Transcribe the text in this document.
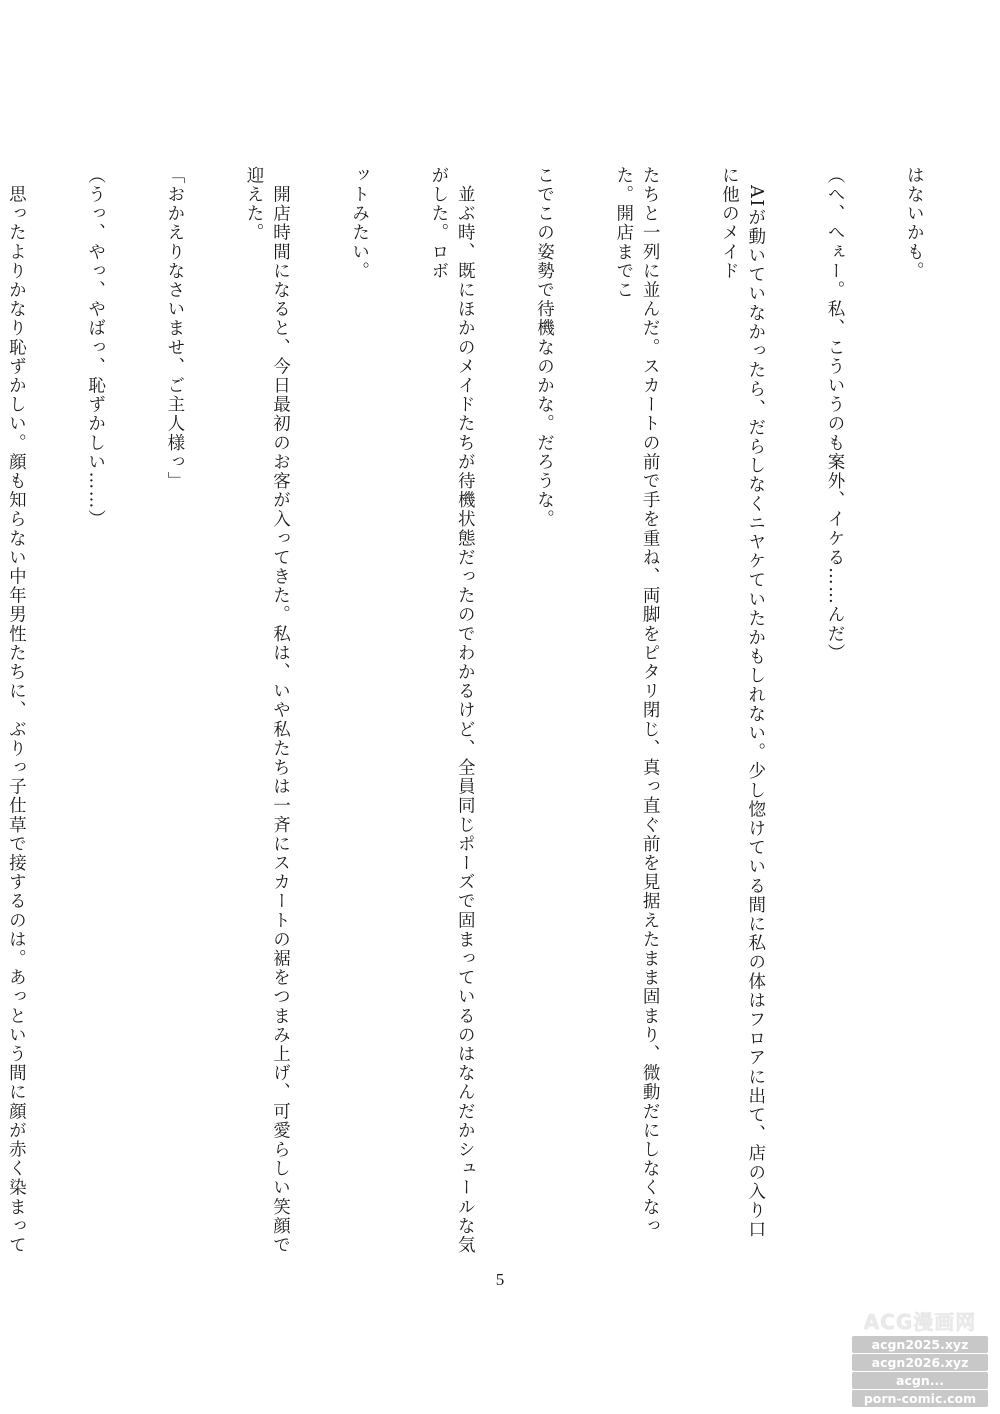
はないかも。

（へ、へぇー。私、こういうのも案外、イケる……んだ）

　AIが動いていなかったら、だらしなくニヤケていたかもしれない。少し惚けている間に私の体はフロアに出て、店の入り口に他のメイド

たちと一列に並んだ。スカートの前で手を重ね、両脚をピタリ閉じ、真っ直ぐ前を見据えたまま固まり、微動だにしなくなった。開店までこ

こでこの姿勢で待機なのかな。だろうな。

　並ぶ時、既にほかのメイドたちが待機状態だったのでわかるけど、全員同じポーズで固まっているのはなんだかシュールな気がした。ロボ

ットみたい。

　開店時間になると、今日最初のお客が入ってきた。私は、いや私たちは一斉にスカートの裾をつまみ上げ、可愛らしい笑顔で迎えた。

「おかえりなさいませ、ご主人様っ」

（うっ、やっ、やばっ、恥ずかしい……）

　思ったよりかなり恥ずかしい。顔も知らない中年男性たちに、ぶりっ子仕草で接するのは。あっという間に顔が赤く染まって

5
ACG漫画网
acgn2025.xyz
acgn2026.xyz
acgn...
porn-comic.com
